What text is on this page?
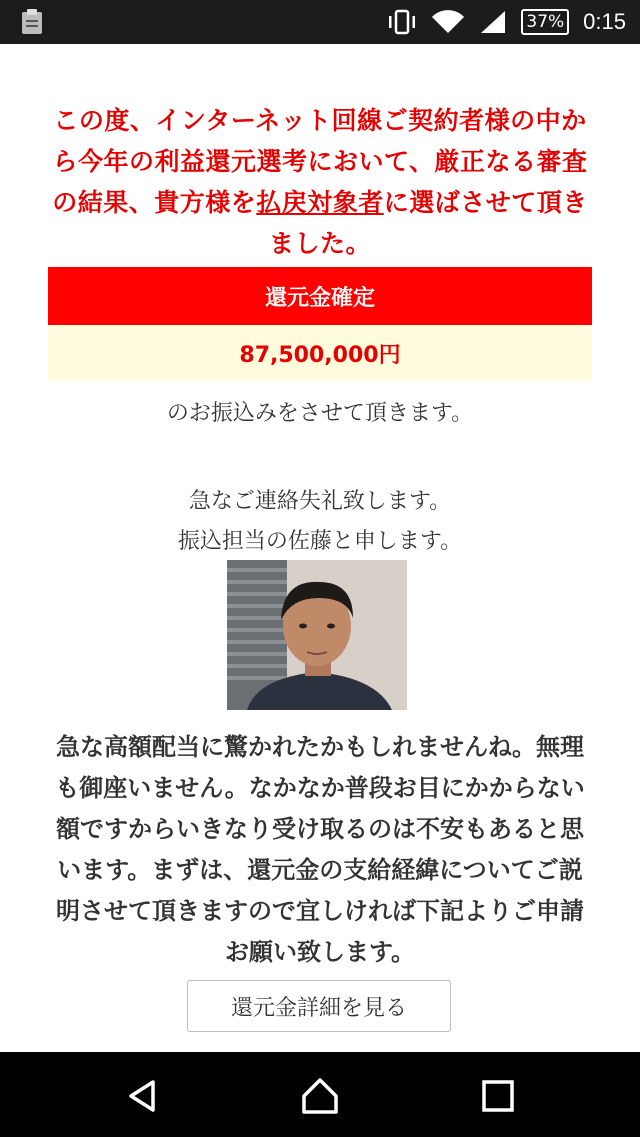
37% 0:15
この度、インターネット回線ご契約者様の中から今年の利益還元選考において、厳正なる審査の結果、貴方様を払戻対象者に選ばさせて頂きました。
還元金確定
87,500,000円
のお振込みをさせて頂きます。
急なご連絡失礼致します。
振込担当の佐藤と申します。
急な高額配当に驚かれたかもしれませんね。無理も御座いません。なかなか普段お目にかからない額ですからいきなり受け取るのは不安もあると思います。まずは、還元金の支給経緯についてご説明させて頂きますので宜しければ下記よりご申請お願い致します。
還元金詳細を見る
